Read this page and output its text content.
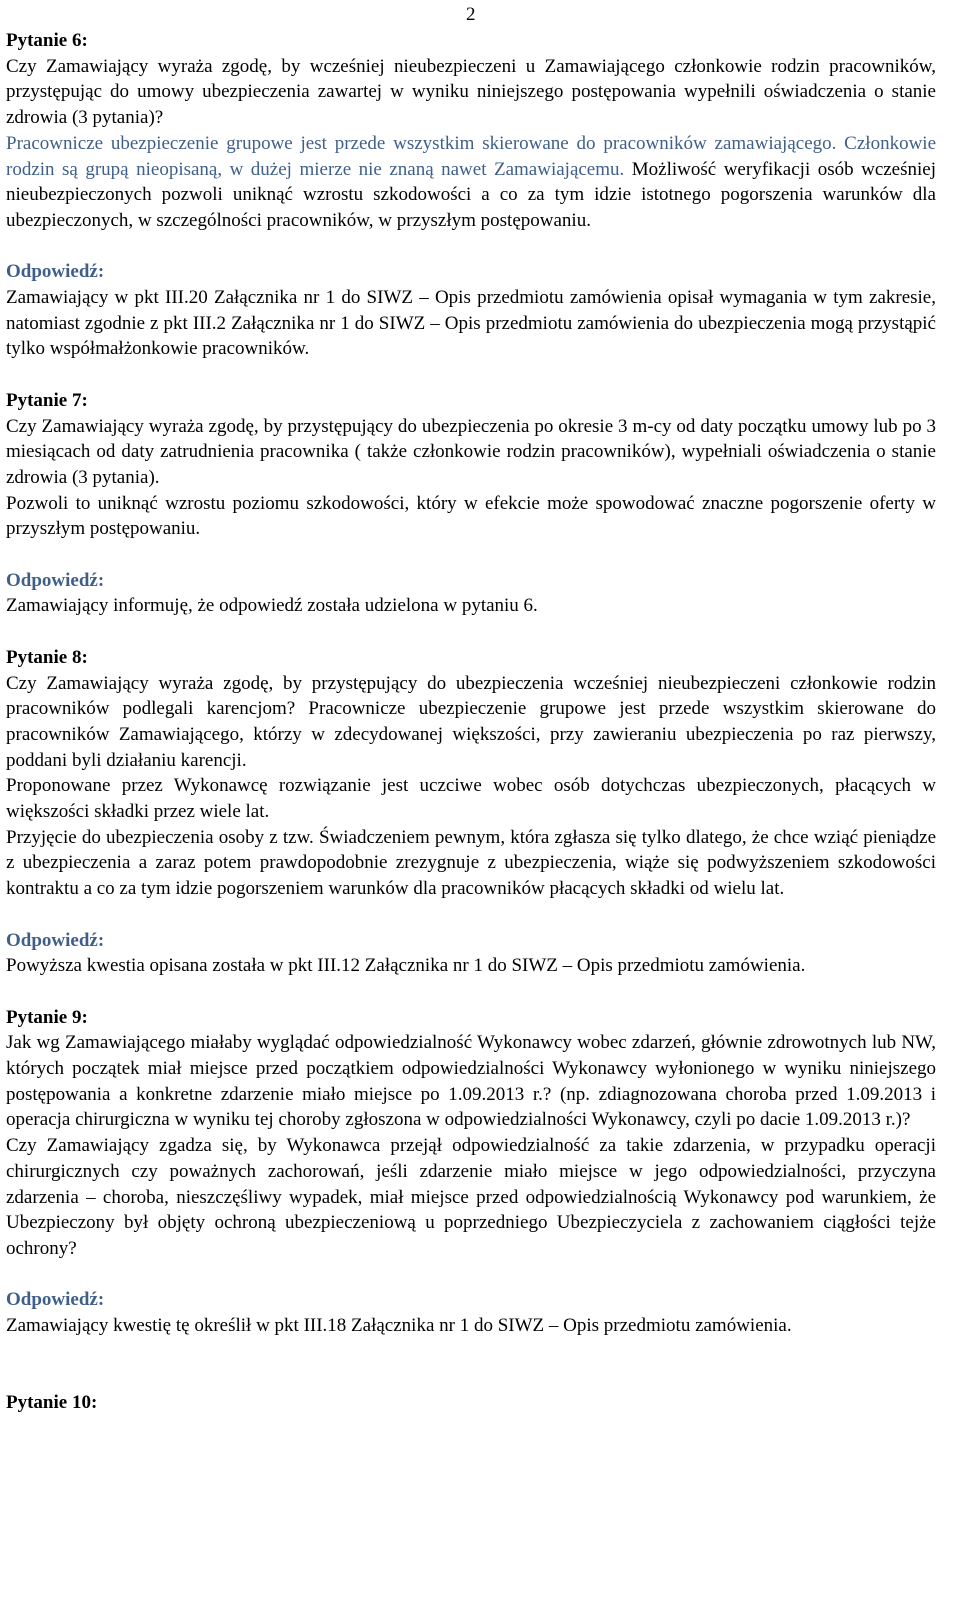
2

Pytanie 6:

Czy Zamawiający wyraża zgodę, by wcześniej nieubezpieczeni u Zamawiającego członkowie rodzin pracowników, przystępując do umowy ubezpieczenia zawartej w wyniku niniejszego postępowania wypełnili oświadczenia o stanie zdrowia (3 pytania)?

Pracownicze ubezpieczenie grupowe jest przede wszystkim skierowane do pracowników zamawiającego. Członkowie rodzin są grupą nieopisaną, w dużej mierze nie znaną nawet Zamawiającemu. Możliwość weryfikacji osób wcześniej nieubezpieczonych pozwoli uniknąć wzrostu szkodowości a co za tym idzie istotnego pogorszenia warunków dla ubezpieczonych, w szczególności pracowników, w przyszłym postępowaniu.

Odpowiedź:

Zamawiający w pkt III.20 Załącznika nr 1 do SIWZ – Opis przedmiotu zamówienia opisał wymagania w tym zakresie, natomiast zgodnie z pkt III.2 Załącznika nr 1 do SIWZ – Opis przedmiotu zamówienia do ubezpieczenia mogą przystąpić tylko współmałżonkowie pracowników.

Pytanie 7:

Czy Zamawiający wyraża zgodę, by przystępujący do ubezpieczenia po okresie 3 m-cy od daty początku umowy lub po 3 miesiącach od daty zatrudnienia pracownika ( także członkowie rodzin pracowników), wypełniali oświadczenia o stanie zdrowia (3 pytania).

Pozwoli to uniknąć wzrostu poziomu szkodowości, który w efekcie może spowodować znaczne pogorszenie oferty w przyszłym postępowaniu.

Odpowiedź:

Zamawiający informuję, że odpowiedź została udzielona w pytaniu 6.

Pytanie 8:

Czy Zamawiający wyraża zgodę, by przystępujący do ubezpieczenia wcześniej nieubezpieczeni członkowie rodzin pracowników podlegali karencjom? Pracownicze ubezpieczenie grupowe jest przede wszystkim skierowane do pracowników Zamawiającego, którzy w zdecydowanej większości, przy zawieraniu ubezpieczenia po raz pierwszy, poddani byli działaniu karencji.

Proponowane przez Wykonawcę rozwiązanie jest uczciwe wobec osób dotychczas ubezpieczonych, płacących w większości składki przez wiele lat.

Przyjęcie do ubezpieczenia osoby z tzw. Świadczeniem pewnym, która zgłasza się tylko dlatego, że chce wziąć pieniądze z ubezpieczenia a zaraz potem prawdopodobnie zrezygnuje z ubezpieczenia, wiąże się podwyższeniem szkodowości kontraktu a co za tym idzie pogorszeniem warunków dla pracowników płacących składki od wielu lat.

Odpowiedź:

Powyższa kwestia opisana została w pkt III.12 Załącznika nr 1 do SIWZ – Opis przedmiotu zamówienia.

Pytanie 9:

Jak wg Zamawiającego miałaby wyglądać odpowiedzialność Wykonawcy wobec zdarzeń, głównie zdrowotnych lub NW, których początek miał miejsce przed początkiem odpowiedzialności Wykonawcy wyłonionego w wyniku niniejszego postępowania a konkretne zdarzenie miało miejsce po 1.09.2013 r.? (np. zdiagnozowana choroba przed 1.09.2013 i operacja chirurgiczna w wyniku tej choroby zgłoszona w odpowiedzialności Wykonawcy, czyli po dacie 1.09.2013 r.)?

Czy Zamawiający zgadza się, by Wykonawca przejął odpowiedzialność za takie zdarzenia, w przypadku operacji chirurgicznych czy poważnych zachorowań, jeśli zdarzenie miało miejsce w jego odpowiedzialności, przyczyna zdarzenia – choroba, nieszczęśliwy wypadek, miał miejsce przed odpowiedzialnością Wykonawcy pod warunkiem, że Ubezpieczony był objęty ochroną ubezpieczeniową u poprzedniego Ubezpieczyciela z zachowaniem ciągłości tejże ochrony?

Odpowiedź:

Zamawiający kwestię tę określił w pkt III.18 Załącznika nr 1 do SIWZ – Opis przedmiotu zamówienia.

Pytanie 10:
